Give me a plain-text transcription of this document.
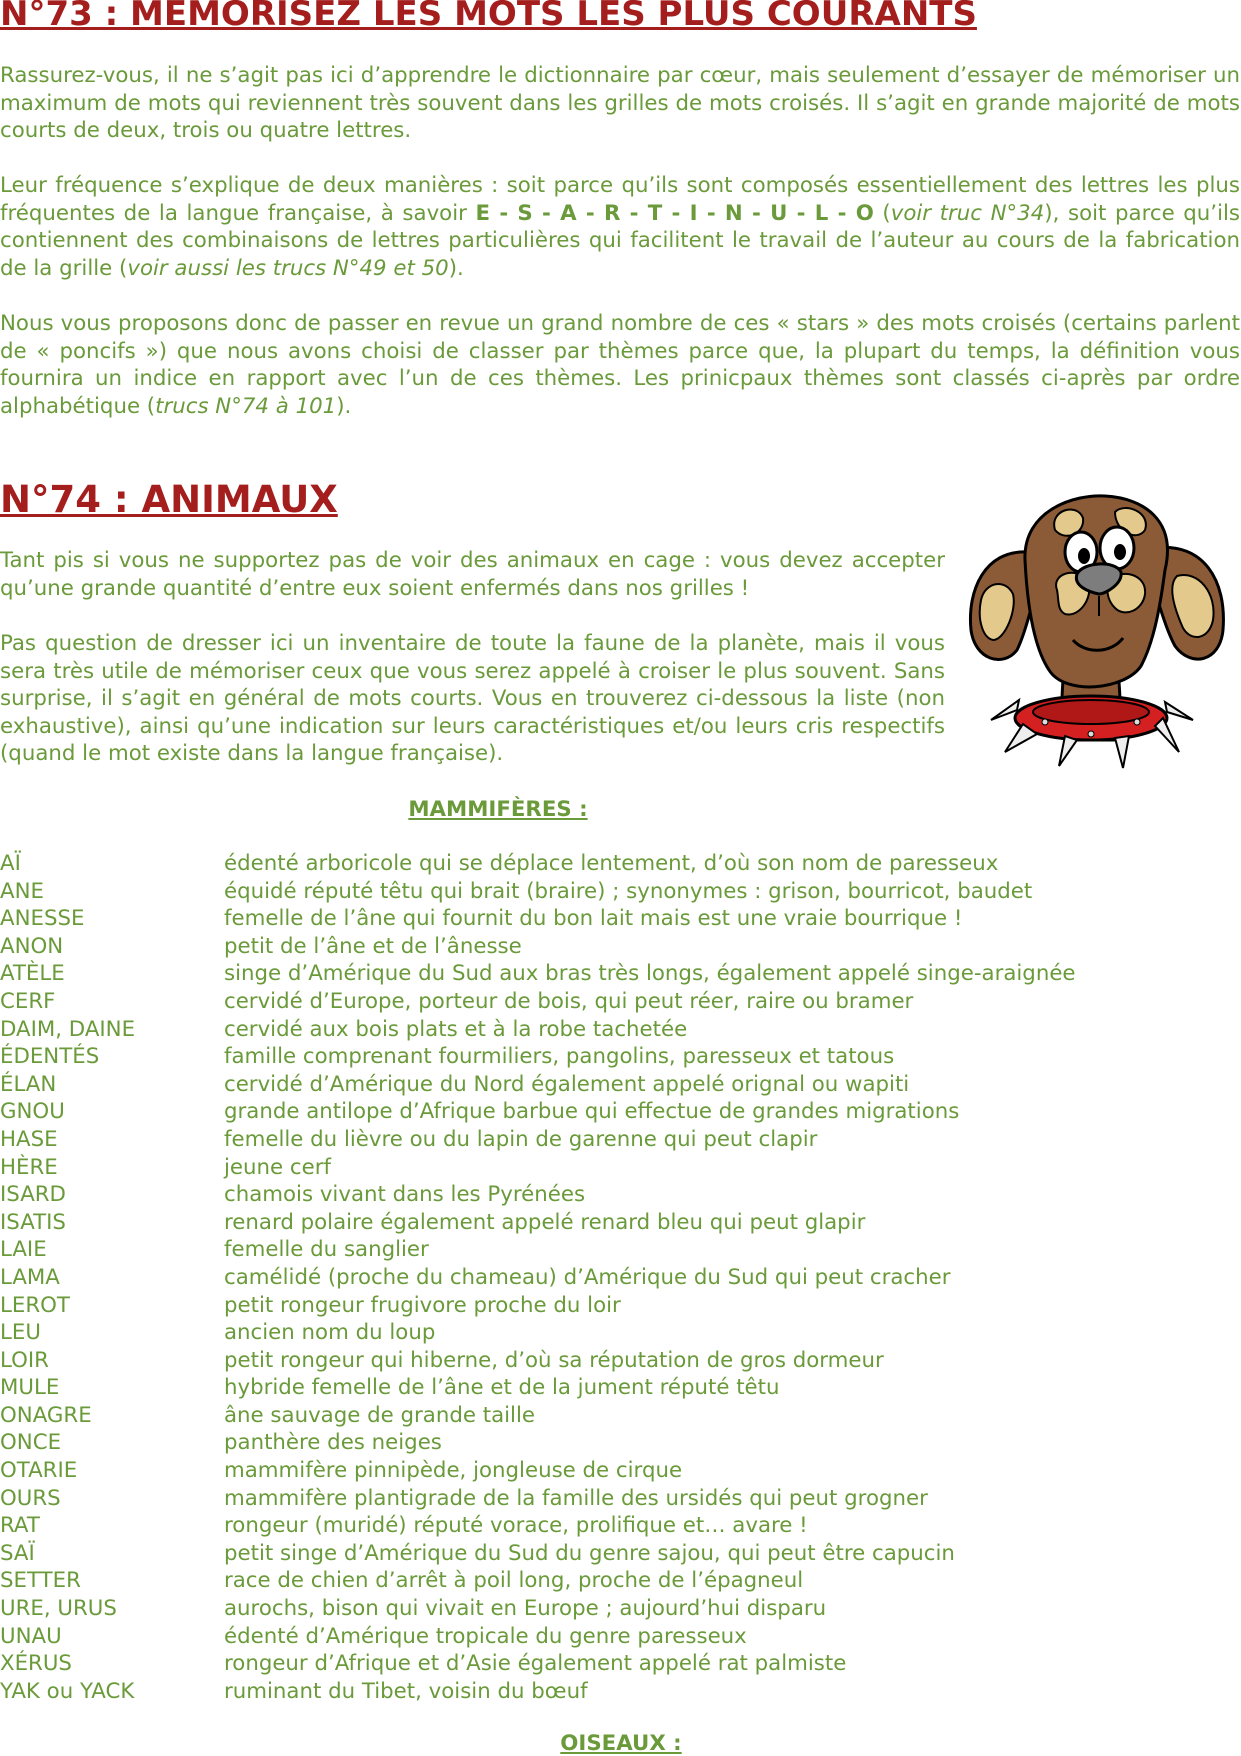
N°73 : MEMORISEZ LES MOTS LES PLUS COURANTS

Rassurez-vous, il ne s’agit pas ici d’apprendre le dictionnaire par cœur, mais seulement d’essayer de mémoriser un maximum de mots qui reviennent très souvent dans les grilles de mots croisés. Il s’agit en grande majorité de mots courts de deux, trois ou quatre lettres.

Leur fréquence s’explique de deux manières : soit parce qu’ils sont composés essentiellement des lettres les plus fréquentes de la langue française, à savoir E - S - A - R - T - I - N - U - L - O (voir truc N°34), soit parce qu’ils contiennent des combinaisons de lettres particulières qui facilitent le travail de l’auteur au cours de la fabrication de la grille (voir aussi les trucs N°49 et 50).

Nous vous proposons donc de passer en revue un grand nombre de ces « stars » des mots croisés (certains parlent de « poncifs ») que nous avons choisi de classer par thèmes parce que, la plupart du temps, la définition vous fournira un indice en rapport avec l’un de ces thèmes. Les prinicpaux thèmes sont classés ci-après par ordre alphabétique (trucs N°74 à 101).

N°74 : ANIMAUX

Tant pis si vous ne supportez pas de voir des animaux en cage : vous devez accepter qu’une grande quantité d’entre eux soient enfermés dans nos grilles !

Pas question de dresser ici un inventaire de toute la faune de la planète, mais il vous sera très utile de mémoriser ceux que vous serez appelé à croiser le plus souvent. Sans surprise, il s’agit en général de mots courts. Vous en trouverez ci-dessous la liste (non exhaustive), ainsi qu’une indication sur leurs caractéristiques et/ou leurs cris respectifs (quand le mot existe dans la langue française).

MAMMIFÈRES :
AÏ	édenté arboricole qui se déplace lentement, d’où son nom de paresseux
ANE	équidé réputé têtu qui brait (braire) ; synonymes : grison, bourricot, baudet
ANESSE	femelle de l’âne qui fournit du bon lait mais est une vraie bourrique !
ANON	petit de l’âne et de l’ânesse
ATÈLE	singe d’Amérique du Sud aux bras très longs, également appelé singe-araignée
CERF	cervidé d’Europe, porteur de bois, qui peut réer, raire ou bramer
DAIM, DAINE	cervidé aux bois plats et à la robe tachetée
ÉDENTÉS	famille comprenant fourmiliers, pangolins, paresseux et tatous
ÉLAN	cervidé d’Amérique du Nord également appelé orignal ou wapiti
GNOU	grande antilope d’Afrique barbue qui effectue de grandes migrations
HASE	femelle du lièvre ou du lapin de garenne qui peut clapir
HÈRE	jeune cerf
ISARD	chamois vivant dans les Pyrénées
ISATIS	renard polaire également appelé renard bleu qui peut glapir
LAIE	femelle du sanglier
LAMA	camélidé (proche du chameau) d’Amérique du Sud qui peut cracher
LEROT	petit rongeur frugivore proche du loir
LEU	ancien nom du loup
LOIR	petit rongeur qui hiberne, d’où sa réputation de gros dormeur
MULE	hybride femelle de l’âne et de la jument réputé têtu
ONAGRE	âne sauvage de grande taille
ONCE	panthère des neiges
OTARIE	mammifère pinnipède, jongleuse de cirque
OURS	mammifère plantigrade de la famille des ursidés qui peut grogner
RAT	rongeur (muridé) réputé vorace, prolifique et… avare !
SAÏ	petit singe d’Amérique du Sud du genre sajou, qui peut être capucin
SETTER	race de chien d’arrêt à poil long, proche de l’épagneul
URE, URUS	aurochs, bison qui vivait en Europe ; aujourd’hui disparu
UNAU	édenté d’Amérique tropicale du genre paresseux
XÉRUS	rongeur d’Afrique et d’Asie également appelé rat palmiste
YAK ou YACK	ruminant du Tibet, voisin du bœuf
OISEAUX :
